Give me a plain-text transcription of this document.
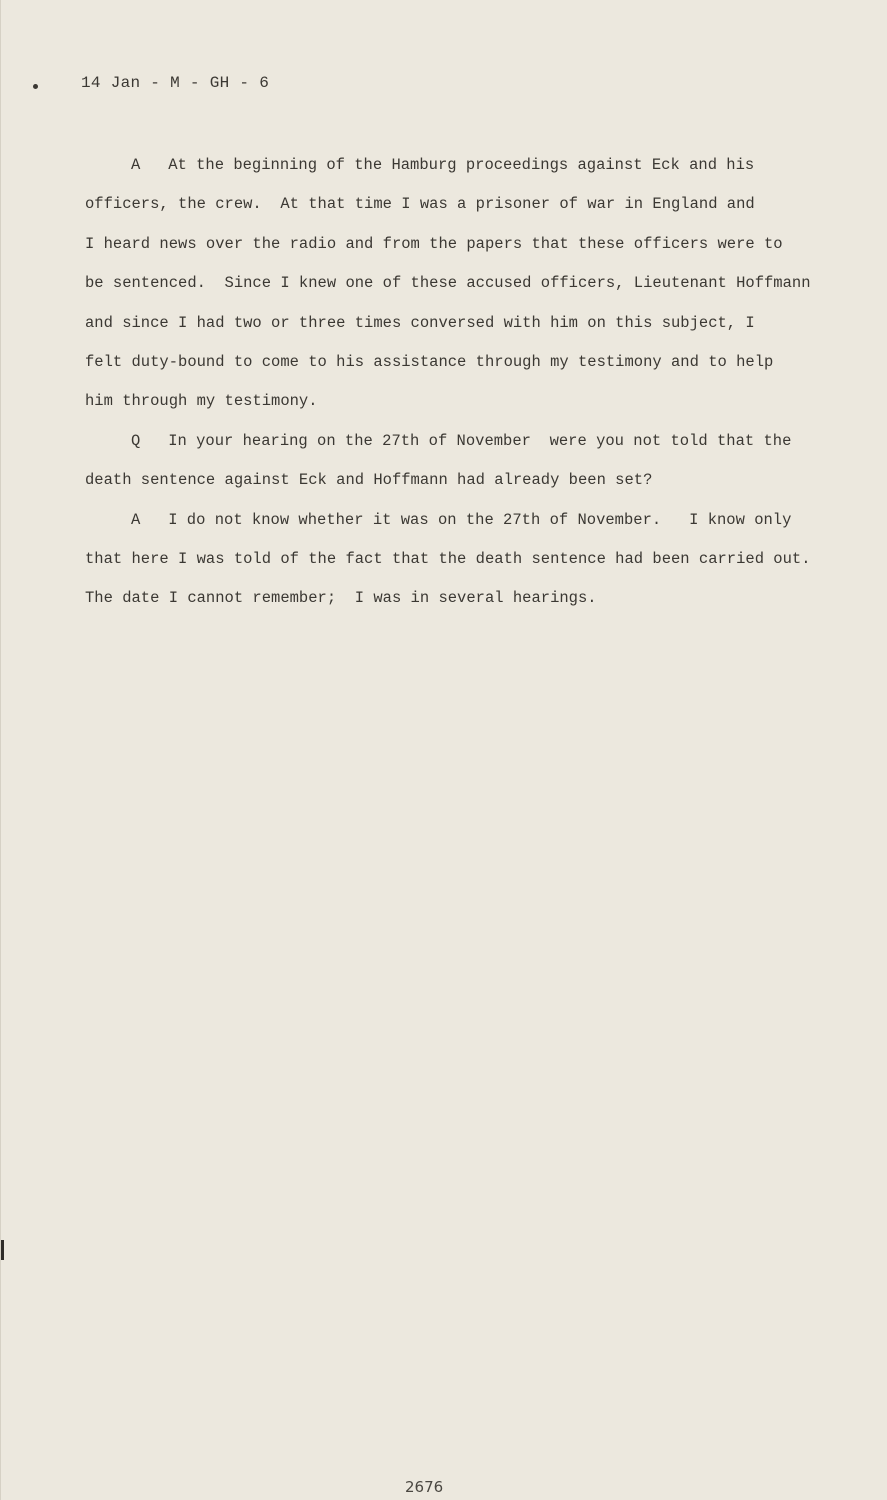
14 Jan - M - GH - 6
A   At the beginning of the Hamburg proceedings against Eck and his
officers, the crew.  At that time I was a prisoner of war in England and
I heard news over the radio and from the papers that these officers were to
be sentenced.  Since I knew one of these accused officers, Lieutenant Hoffmann
and since I had two or three times conversed with him on this subject, I
felt duty-bound to come to his assistance through my testimony and to help
him through my testimony.
Q   In your hearing on the 27th of November  were you not told that the
death sentence against Eck and Hoffmann had already been set?
A   I do not know whether it was on the 27th of November.   I know only
that here I was told of the fact that the death sentence had been carried out.
The date I cannot remember;  I was in several hearings.
2676
